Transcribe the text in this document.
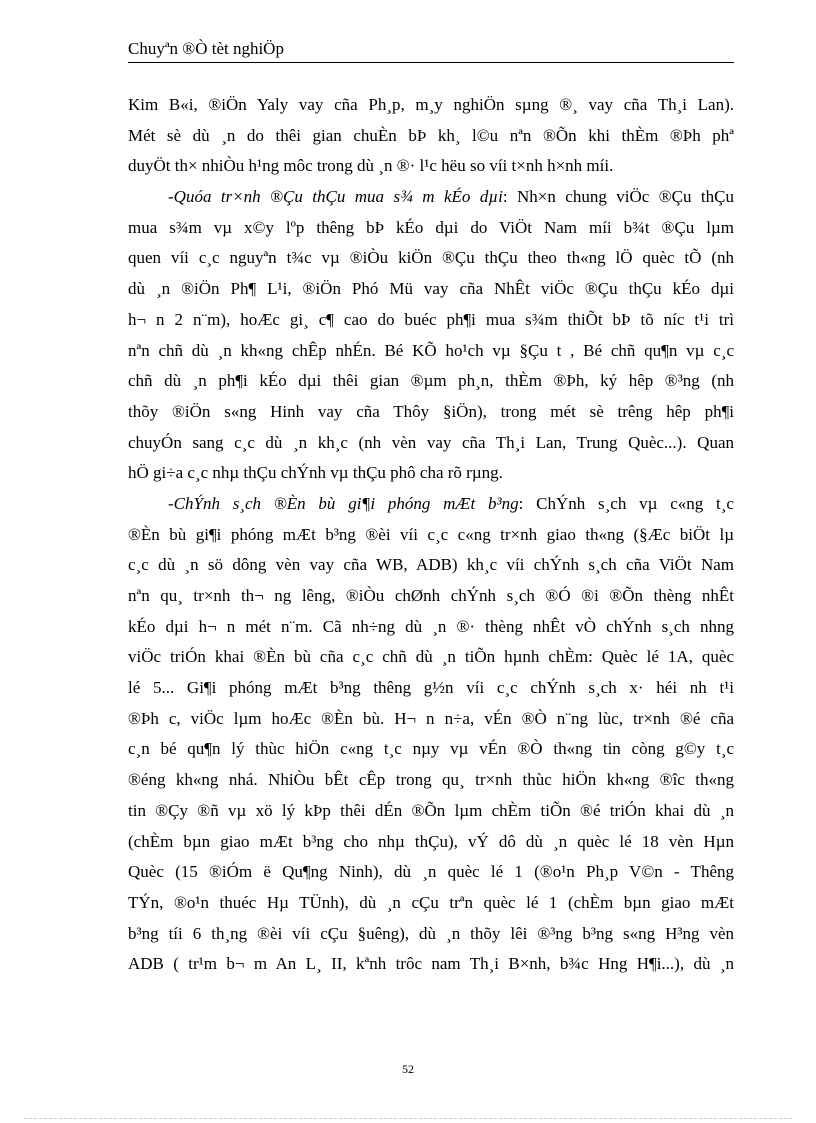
Chuyªn ®Ò tèt nghiÖp
Kim B«i, ®iÖn Yaly vay cña Ph¸p, m¸y nghiÖn sµng ®¸ vay cña Th¸i Lan).
Mét sè dù ¸n do thêi gian chuÈn bÞ kh¸ l©u nªn ®Õn khi thÈm ®Þh phª
duyÖt th× nhiÒu h¹ng môc trong dù ¸n ®· l¹c hëu so víi t×nh h×nh míi.
-Quóa tr×nh ®Çu thÇu mua s¾ m kÉo dµi: Nh×n chung viÖc ®Çu thÇu
mua s¾m vµ x©y lºp thêng bÞ kÉo dµi do ViÖt Nam míi b¾t ®Çu lµm
quen víi c¸c nguyªn t¾c vµ ®iÒu kiÖn ®Çu thÇu theo th«ng lÖ quèc tÕ (nh
dù ¸n ®iÖn Ph¶ L¹i, ®iÖn Phó Mü vay cña NhÊt viÖc ®Çu thÇu kÉo dµi
h¬ n 2 n¨m), hoÆc gi¸ c¶ cao do buéc ph¶i mua s¾m thiÕt bÞ tõ níc t¹i trì
nªn chñ dù ¸n kh«ng chÊp nhÉn. Bé KÕ ho¹ch vµ §Çu t , Bé chñ qu¶n vµ c¸c
chñ dù ¸n ph¶i kÉo dµi thêi gian ®µm ph¸n, thÈm ®Þh, ký hêp ®³ng (nh
thõy ®iÖn s«ng Hinh vay cña Thôy §iÖn), trong mét sè trêng hêp ph¶i
chuyÓn sang c¸c dù ¸n kh¸c (nh vèn vay cña Th¸i Lan, Trung Quèc...). Quan
hÖ gi÷a c¸c nhµ thÇu chÝnh vµ thÇu phô cha rõ rµng.
-ChÝnh s¸ch ®Èn bù gi¶i phóng mÆt b³ng: ChÝnh s¸ch vµ c«ng t¸c
®Èn bù gi¶i phóng mÆt b³ng ®èi víi c¸c c«ng tr×nh giao th«ng (§Æc biÖt lµ
c¸c dù ¸n sö dông vèn vay cña WB, ADB) kh¸c víi chÝnh s¸ch cña ViÖt Nam
nªn qu¸ tr×nh th¬ ng lêng, ®iÒu chØnh chÝnh s¸ch ®Ó ®i ®Õn thèng nhÊt
kÉo dµi h¬ n mét n¨m. Cã nh÷ng dù ¸n ®· thèng nhÊt vÒ chÝnh s¸ch nhng
viÖc triÓn khai ®Èn bù cña c¸c chñ dù ¸n tiÕn hµnh chÈm: Quèc lé 1A, quèc
lé 5... Gi¶i phóng mÆt b³ng thêng g½n víi c¸c chÝnh s¸ch x· héi nh t¹i
®Þh c, viÖc lµm hoÆc ®Èn bù. H¬ n n÷a, vÉn ®Ò n¨ng lùc, tr×nh ®é cña
c¸n bé qu¶n lý thùc hiÖn c«ng t¸c nµy vµ vÉn ®Ò th«ng tin còng g©y t¸c
®éng kh«ng nhá. NhiÒu bÊt cÊp trong qu¸ tr×nh thùc hiÖn kh«ng ®îc th«ng
tin ®Çy ®ñ vµ xö lý kÞp thêi dÉn ®Õn lµm chÈm tiÕn ®é triÓn khai dù ¸n
(chÈm bµn giao mÆt b³ng cho nhµ thÇu), vÝ dô dù ¸n quèc lé 18 vèn Hµn
Quèc (15 ®iÓm ë Qu¶ng Ninh), dù ¸n quèc lé 1 (®o¹n Ph¸p V©n - Thêng
TÝn, ®o¹n thuéc Hµ TÜnh), dù ¸n cÇu trªn quèc lé 1 (chÈm bµn giao mÆt
b³ng tíi 6 th¸ng ®èi víi cÇu §uêng), dù ¸n thõy lêi ®³ng b³ng s«ng H³ng vèn
ADB ( tr¹m b¬ m An L¸ II, kªnh trôc nam Th¸i B×nh, b¾c Hng H¶i...), dù ¸n
52
